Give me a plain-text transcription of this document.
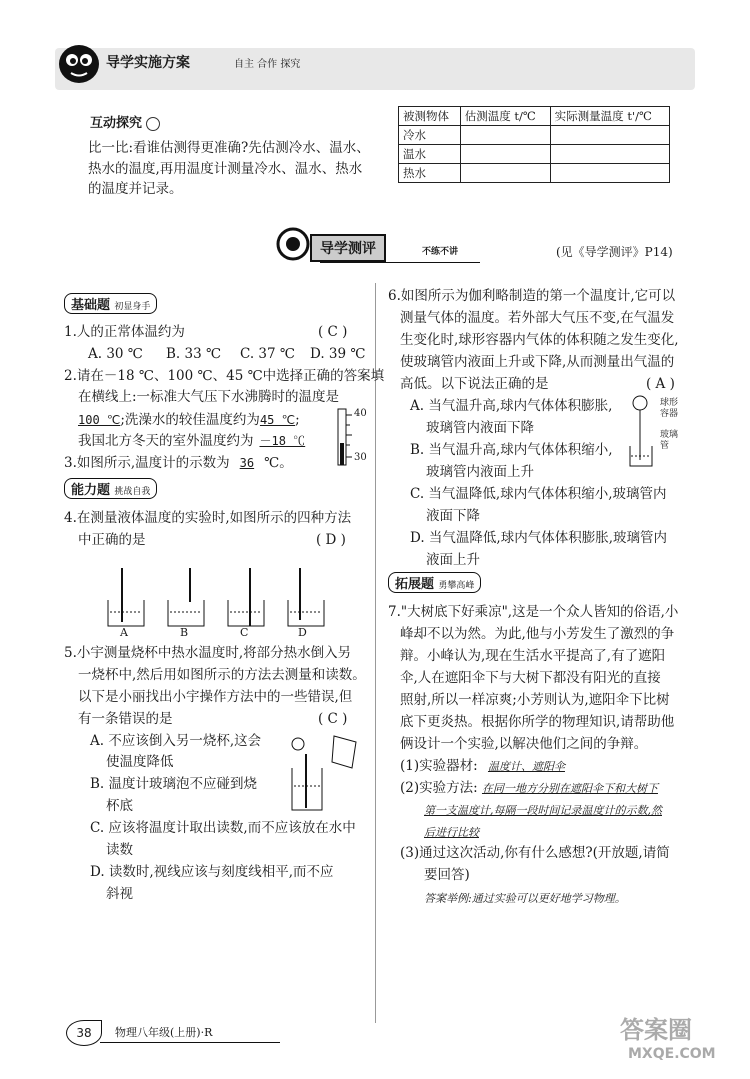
导学实施方案	自主 合作 探究
互动探究
比一比:看谁估测得更准确?先估测冷水、温水、热水的温度,再用温度计测量冷水、温水、热水的温度并记录。
被测物体	估测温度 t/℃	实际测量温度 t'/℃
冷水		
温水		
热水		
导学测评	不练不讲	(见《导学测评》P14)
基础题 初显身手
1.人的正常体温约为	( C )
A. 30 ℃ B. 33 ℃ C. 37 ℃ D. 39 ℃
2.请在－18 ℃、100 ℃、45 ℃中选择正确的答案填
在横线上:一标准大气压下水沸腾时的温度是
100 ℃;洗澡水的较佳温度约为45 ℃;
我国北方冬天的室外温度约为 －18 ℃
3.如图所示,温度计的示数为 36 ℃。
40
30
能力题 挑战自我
4.在测量液体温度的实验时,如图所示的四种方法
中正确的是	( D )
A	B	C	D
5.小宇测量烧杯中热水温度时,将部分热水倒入另
一烧杯中,然后用如图所示的方法去测量和读数。
以下是小丽找出小宇操作方法中的一些错误,但
有一条错误的是	( C )
A. 不应该倒入另一烧杯,这会
使温度降低
B. 温度计玻璃泡不应碰到烧
杯底
C. 应该将温度计取出读数,而不应该放在水中
读数
D. 读数时,视线应该与刻度线相平,而不应
斜视
6.如图所示为伽利略制造的第一个温度计,它可以
测量气体的温度。若外部大气压不变,在气温发
生变化时,球形容器内气体的体积随之发生变化,
使玻璃管内液面上升或下降,从而测量出气温的
高低。以下说法正确的是	( A )
A. 当气温升高,球内气体体积膨胀,
玻璃管内液面下降
B. 当气温升高,球内气体体积缩小,
玻璃管内液面上升
C. 当气温降低,球内气体体积缩小,玻璃管内
液面下降
D. 当气温降低,球内气体体积膨胀,玻璃管内
液面上升
球形容器
玻璃管
拓展题 勇攀高峰
7."大树底下好乘凉",这是一个众人皆知的俗语,小
峰却不以为然。为此,他与小芳发生了激烈的争
辩。小峰认为,现在生活水平提高了,有了遮阳
伞,人在遮阳伞下与大树下都没有阳光的直接
照射,所以一样凉爽;小芳则认为,遮阳伞下比树
底下更炎热。根据你所学的物理知识,请帮助他
俩设计一个实验,以解决他们之间的争辩。
(1)实验器材: 温度计、遮阳伞
(2)实验方法: 在同一地方分别在遮阳伞下和大树下
第一支温度计,每隔一段时间记录温度计的示数,然
后进行比较
(3)通过这次活动,你有什么感想?(开放题,请简
要回答)
答案举例:通过实验可以更好地学习物理。
38	物理八年级(上册)·R	答案圈
MXQE.COM
